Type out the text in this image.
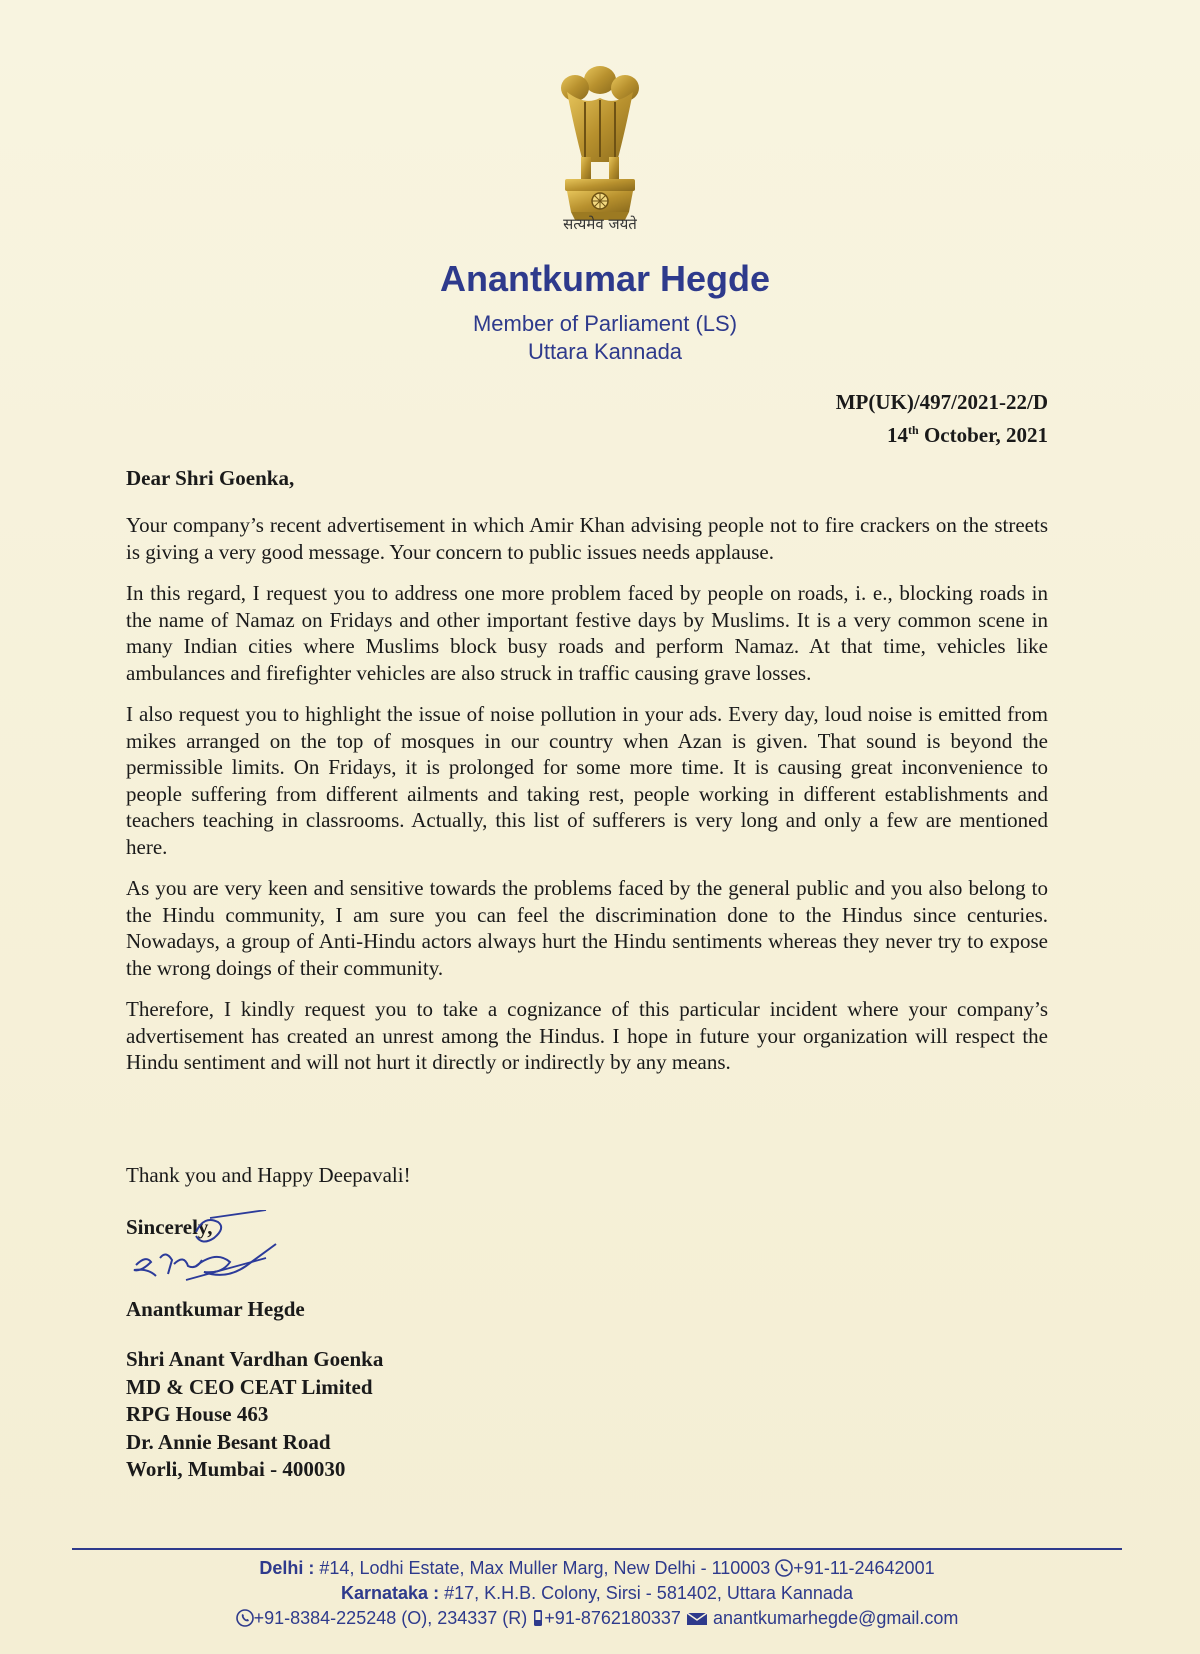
सत्यमेव जयते
Anantkumar Hegde
Member of Parliament (LS)
Uttara Kannada
MP(UK)/497/2021-22/D
14th October, 2021
Dear Shri Goenka,

Your company’s recent advertisement in which Amir Khan advising people not to fire crackers on the streets is giving a very good message. Your concern to public issues needs applause.

In this regard, I request you to address one more problem faced by people on roads, i. e., blocking roads in the name of Namaz on Fridays and other important festive days by Muslims. It is a very common scene in many Indian cities where Muslims block busy roads and perform Namaz. At that time, vehicles like ambulances and firefighter vehicles are also struck in traffic causing grave losses.

I also request you to highlight the issue of noise pollution in your ads. Every day, loud noise is emitted from mikes arranged on the top of mosques in our country when Azan is given. That sound is beyond the permissible limits. On Fridays, it is prolonged for some more time. It is causing great inconvenience to people suffering from different ailments and taking rest, people working in different establishments and teachers teaching in classrooms. Actually, this list of sufferers is very long and only a few are mentioned here.

As you are very keen and sensitive towards the problems faced by the general public and you also belong to the Hindu community, I am sure you can feel the discrimination done to the Hindus since centuries. Nowadays, a group of Anti-Hindu actors always hurt the Hindu sentiments whereas they never try to expose the wrong doings of their community.

Therefore, I kindly request you to take a cognizance of this particular incident where your company’s advertisement has created an unrest among the Hindus. I hope in future your organization will respect the Hindu sentiment and will not hurt it directly or indirectly by any means.

Thank you and Happy Deepavali!
Sincerely,
Anantkumar Hegde
Shri Anant Vardhan Goenka
MD & CEO CEAT Limited
RPG House 463
Dr. Annie Besant Road
Worli, Mumbai - 400030
Delhi : #14, Lodhi Estate, Max Muller Marg, New Delhi - 110003 +91-11-24642001
Karnataka : #17, K.H.B. Colony, Sirsi - 581402, Uttara Kannada
+91-8384-225248 (O), 234337 (R) +91-8762180337 anantkumarhegde@gmail.com
